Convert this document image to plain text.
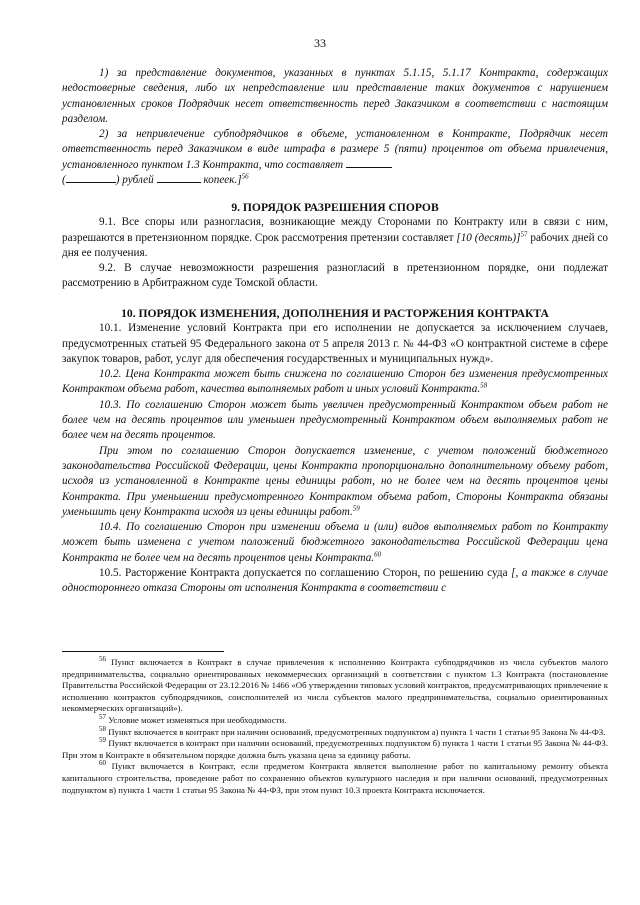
33

1) за представление документов, указанных в пунктах 5.1.15, 5.1.17 Контракта, содержащих недостоверные сведения, либо их непредставление или представление таких документов с нарушением установленных сроков Подрядчик несет ответственность перед Заказчиком в соответствии с настоящим разделом.

2) за непривлечение субподрядчиков в объеме, установленном в Контракте, Подрядчик несет ответственность перед Заказчиком в виде штрафа в размере 5 (пяти) процентов от объема привлечения, установленного пунктом 1.3 Контракта, что составляет
(	) рублей	копеек.]$^{56}$

9. ПОРЯДОК РАЗРЕШЕНИЯ СПОРОВ

9.1. Все споры или разногласия, возникающие между Сторонами по Контракту или в связи с ним, разрешаются в претензионном порядке. Срок рассмотрения претензии составляет [10 (десять)]$^{57}$ рабочих дней со дня ее получения.

9.2. В случае невозможности разрешения разногласий в претензионном порядке, они подлежат рассмотрению в Арбитражном суде Томской области.

10. ПОРЯДОК ИЗМЕНЕНИЯ, ДОПОЛНЕНИЯ И РАСТОРЖЕНИЯ КОНТРАКТА

10.1. Изменение условий Контракта при его исполнении не допускается за исключением случаев, предусмотренных статьей 95 Федерального закона от 5 апреля 2013 г. № 44-ФЗ «О контрактной системе в сфере закупок товаров, работ, услуг для обеспечения государственных и муниципальных нужд».

10.2. Цена Контракта может быть снижена по соглашению Сторон без изменения предусмотренных Контрактом объема работ, качества выполняемых работ и иных условий Контракта.$^{58}$

10.3. По соглашению Сторон может быть увеличен предусмотренный Контрактом объем работ не более чем на десять процентов или уменьшен предусмотренный Контрактом объем выполняемых работ не более чем на десять процентов.

При этом по соглашению Сторон допускается изменение, с учетом положений бюджетного законодательства Российской Федерации, цены Контракта пропорционально дополнительному объему работ, исходя из установленной в Контракте цены единицы работ, но не более чем на десять процентов цены Контракта. При уменьшении предусмотренного Контрактом объема работ, Стороны Контракта обязаны уменьшить цену Контракта исходя из цены единицы работ.$^{59}$

10.4. По соглашению Сторон при изменении объема и (или) видов выполняемых работ по Контракту может быть изменена с учетом положений бюджетного законодательства Российской Федерации цена Контракта не более чем на десять процентов цены Контракта.$^{60}$

10.5. Расторжение Контракта допускается по соглашению Сторон, по решению суда [, а также в случае одностороннего отказа Стороны от исполнения Контракта в соответствии с

$^{56}$ Пункт включается в Контракт в случае привлечения к исполнению Контракта субподрядчиков из числа субъектов малого предпринимательства, социально ориентированных некоммерческих организаций в соответствии с пунктом 1.3 Контракта (постановление Правительства Российской Федерации от 23.12.2016 № 1466 «Об утверждении типовых условий контрактов, предусматривающих привлечение к исполнению контрактов субподрядчиков, соисполнителей из числа субъектов малого предпринимательства, социально ориентированных некоммерческих организаций»).

$^{57}$ Условие может изменяться при необходимости.

$^{58}$ Пункт включается в контракт при наличии оснований, предусмотренных подпунктом а) пункта 1 части 1 статьи 95 Закона № 44-ФЗ.

$^{59}$ Пункт включается в контракт при наличии оснований, предусмотренных подпунктом б) пункта 1 части 1 статьи 95 Закона № 44-ФЗ. При этом в Контракте в обязательном порядке должна быть указана цена за единицу работы.

$^{60}$ Пункт включается в Контракт, если предметом Контракта является выполнение работ по капитальному ремонту объекта капитального строительства, проведение работ по сохранению объектов культурного наследия и при наличии оснований, предусмотренных подпунктом в) пункта 1 части 1 статьи 95 Закона № 44-ФЗ, при этом пункт 10.3 проекта Контракта исключается.
